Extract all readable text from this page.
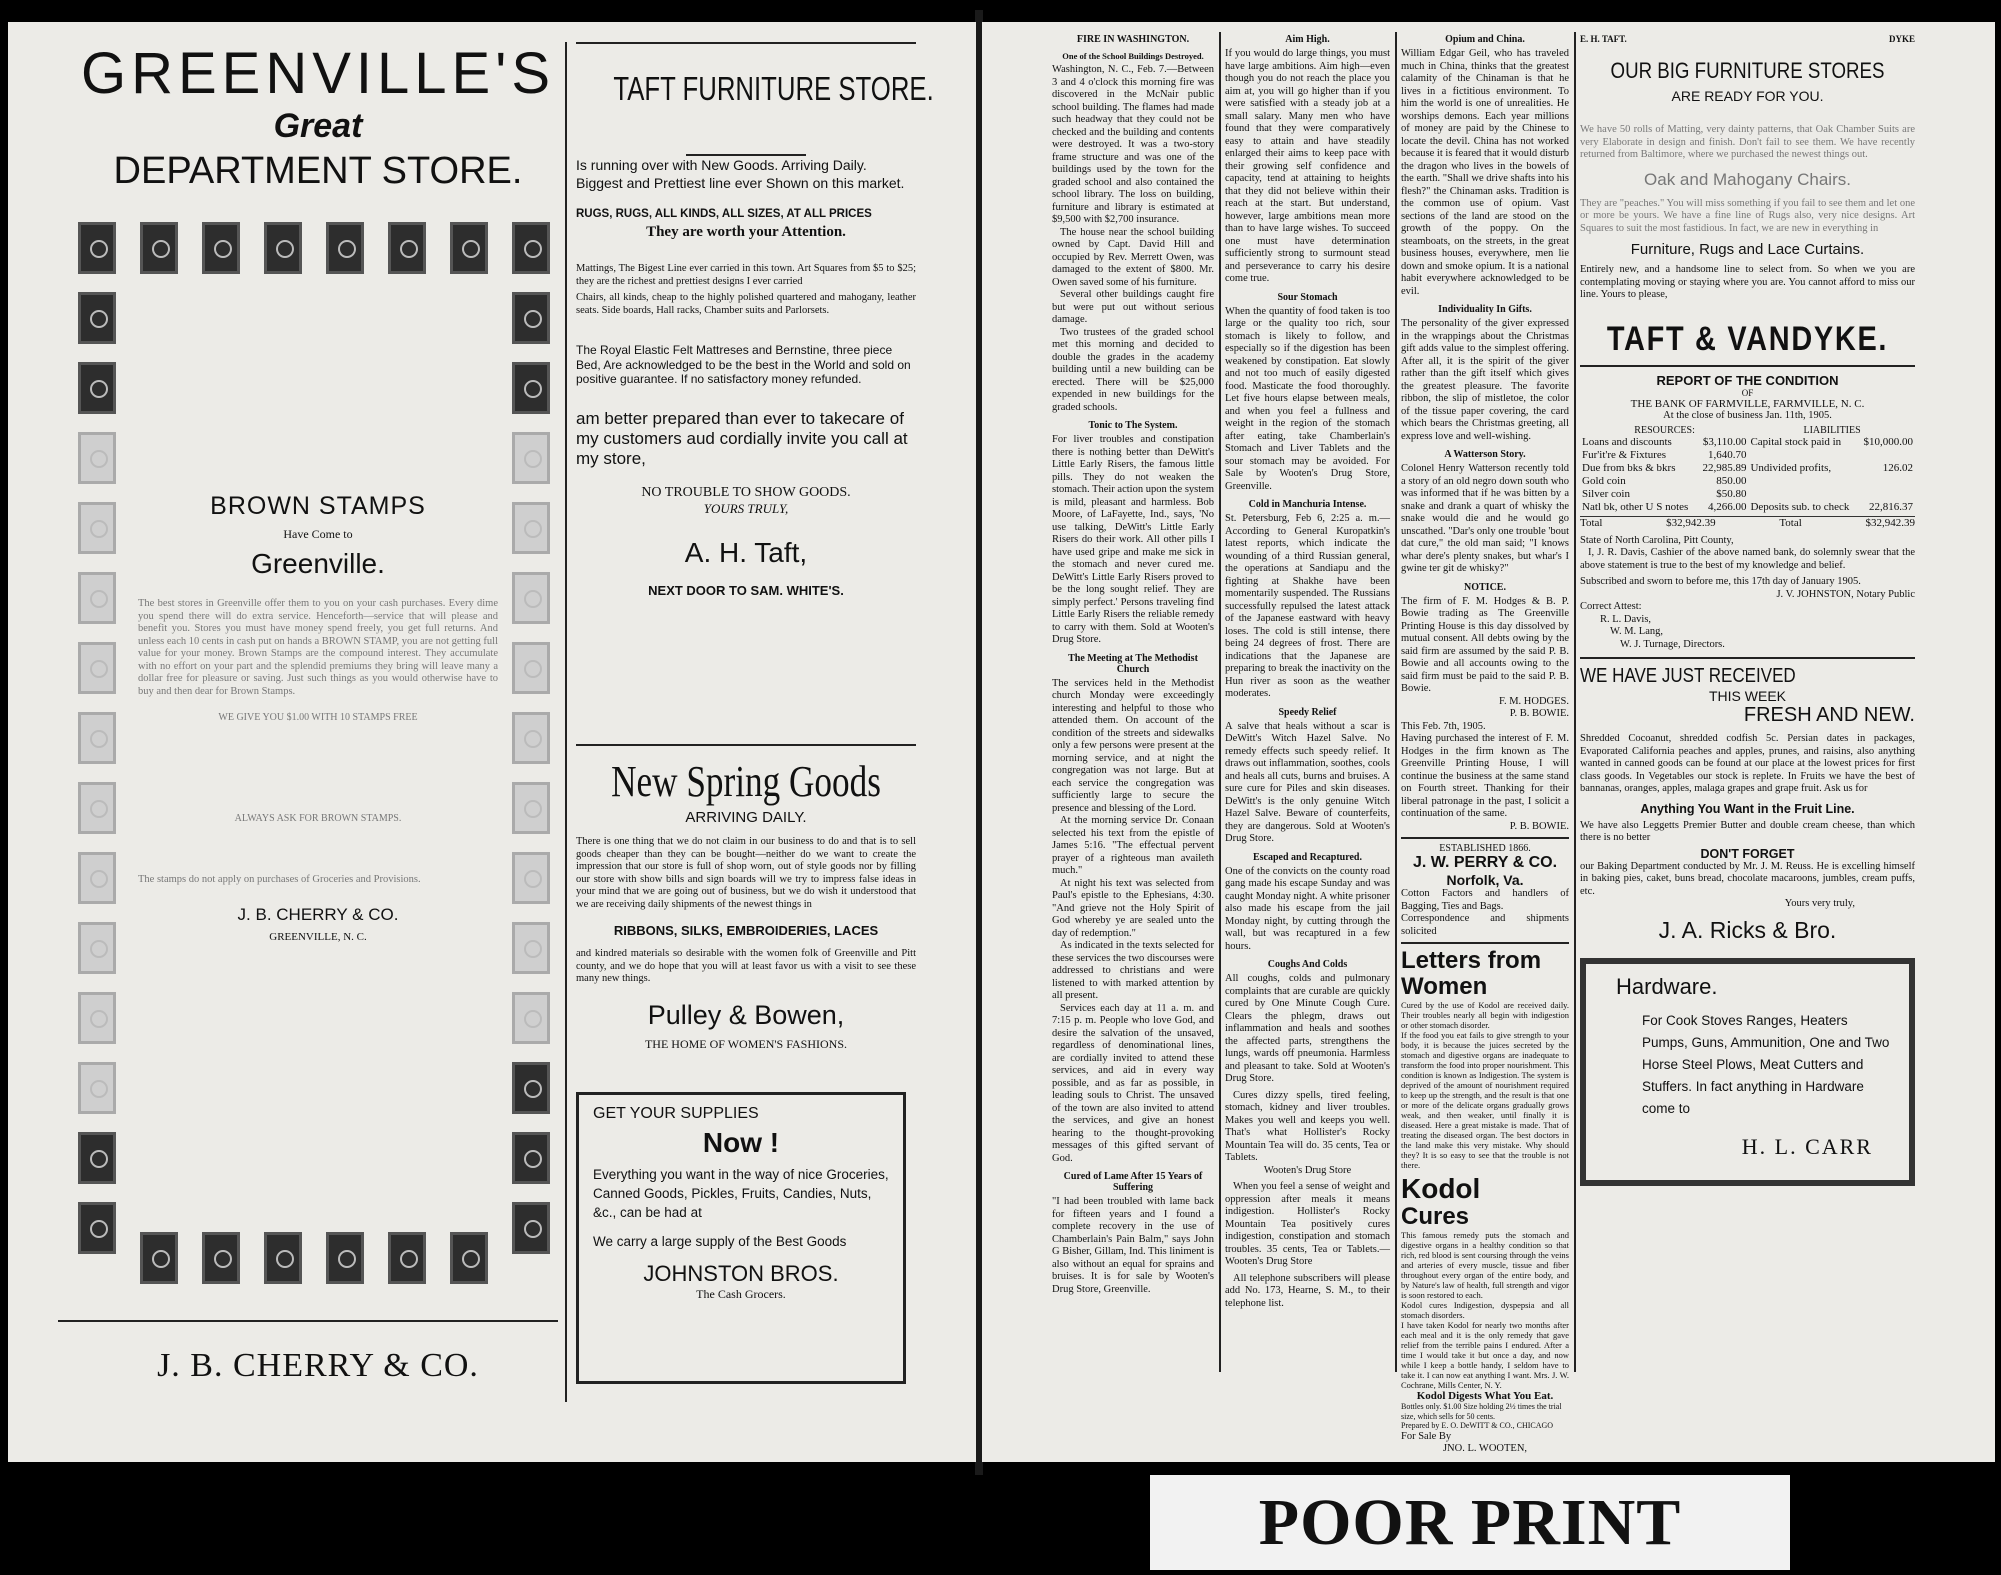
GREENVILLE'S
Great
DEPARTMENT STORE.
BROWN STAMPS
Have Come to
Greenville.
The best stores in Greenville offer them to you on your cash purchases. Every dime you spend there will do extra service. Henceforth—service that will please and benefit you. Stores you must have money spend freely, you get full returns. And unless each 10 cents in cash put on hands a BROWN STAMP, you are not getting full value for your money. Brown Stamps are the compound interest. They accumulate with no effort on your part and the splendid premiums they bring will leave many a dollar free for pleasure or saving. Just such things as you would otherwise have to buy and then dear for Brown Stamps.
WE GIVE YOU $1.00 WITH 10 STAMPS FREE
ALWAYS ASK FOR BROWN STAMPS.
The stamps do not apply on purchases of Groceries and Provisions.
J. B. CHERRY & CO.
GREENVILLE, N. C.
J. B. CHERRY & CO.
TAFT FURNITURE STORE.
Is running over with New Goods. Arriving Daily. Biggest and Prettiest line ever Shown on this market.
RUGS, RUGS, ALL KINDS, ALL SIZES, AT ALL PRICES
They are worth your Attention.
Mattings, The Bigest Line ever carried in this town. Art Squares from $5 to $25; they are the richest and prettiest designs I ever carried
Chairs, all kinds, cheap to the highly polished quartered and mahogany, leather seats. Side boards, Hall racks, Chamber suits and Parlorsets.
The Royal Elastic Felt Mattreses and Bernstine, three piece Bed, Are acknowledged to be the best in the World and sold on positive guarantee. If no satisfactory money refunded.
am better prepared than ever to takecare of my customers aud cordially invite you call at my store,
NO TROUBLE TO SHOW GOODS.
YOURS TRULY,
A. H. Taft,
NEXT DOOR TO SAM. WHITE'S.
New Spring Goods
ARRIVING DAILY.
There is one thing that we do not claim in our business to do and that is to sell goods cheaper than they can be bought—neither do we want to create the impression that our store is full of shop worn, out of style goods nor by filling our store with show bills and sign boards will we try to impress false ideas in your mind that we are going out of business, but we do wish it understood that we are receiving daily shipments of the newest things in
RIBBONS, SILKS, EMBROIDERIES, LACES
and kindred materials so desirable with the women folk of Greenville and Pitt county, and we do hope that you will at least favor us with a visit to see these many new things.
Pulley & Bowen,
THE HOME OF WOMEN'S FASHIONS.
GET YOUR SUPPLIES
Now !
Everything you want in the way of nice Groceries, Canned Goods, Pickles, Fruits, Candies, Nuts, &c., can be had at
We carry a large supply of the Best Goods
JOHNSTON BROS.
The Cash Grocers.
FIRE IN WASHINGTON.
One of the School Buildings Destroyed.
Washington, N. C., Feb. 7.—Between 3 and 4 o'clock this morning fire was discovered in the McNair public school building. The flames had made such headway that they could not be checked and the building and contents were destroyed. It was a two-story frame structure and was one of the buildings used by the town for the graded school and also contained the school library. The loss on building, furniture and library is estimated at $9,500 with $2,700 insurance.
The house near the school building owned by Capt. David Hill and occupied by Rev. Merrett Owen, was damaged to the extent of $800. Mr. Owen saved some of his furniture.
Several other buildings caught fire but were put out without serious damage.
Two trustees of the graded school met this morning and decided to double the grades in the academy building until a new building can be erected. There will be $25,000 expended in new buildings for the graded schools.
Tonic to The System.
For liver troubles and constipation there is nothing better than DeWitt's Little Early Risers, the famous little pills. They do not weaken the stomach. Their action upon the system is mild, pleasant and harmless. Bob Moore, of LaFayette, Ind., says, 'No use talking, DeWitt's Little Early Risers do their work. All other pills I have used gripe and make me sick in the stomach and never cured me. DeWitt's Little Early Risers proved to be the long sought relief. They are simply perfect.' Persons traveling find Little Early Risers the reliable remedy to carry with them. Sold at Wooten's Drug Store.
The Meeting at The Methodist Church
The services held in the Methodist church Monday were exceedingly interesting and helpful to those who attended them. On account of the condition of the streets and sidewalks only a few persons were present at the morning service, and at night the congregation was not large. But at each service the congregation was sufficiently large to secure the presence and blessing of the Lord.
At the morning service Dr. Conaan selected his text from the epistle of James 5:16. "The effectual pervent prayer of a righteous man availeth much."
At night his text was selected from Paul's epistle to the Ephesians, 4:30. "And grieve not the Holy Spirit of God whereby ye are sealed unto the day of redemption."
As indicated in the texts selected for these services the two discourses were addressed to christians and were listened to with marked attention by all present.
Services each day at 11 a. m. and 7:15 p. m. People who love God, and desire the salvation of the unsaved, regardless of denominational lines, are cordially invited to attend these services, and aid in every way possible, and as far as possible, in leading souls to Christ. The unsaved of the town are also invited to attend the services, and give an honest hearing to the thought-provoking messages of this gifted servant of God.
Cured of Lame After 15 Years of Suffering
"I had been troubled with lame back for fifteen years and I found a complete recovery in the use of Chamberlain's Pain Balm," says John G Bisher, Gillam, Ind. This liniment is also without an equal for sprains and bruises. It is for sale by Wooten's Drug Store, Greenville.
Aim High.
If you would do large things, you must have large ambitions. Aim high—even though you do not reach the place you aim at, you will go higher than if you were satisfied with a steady job at a small salary. Many men who have found that they were comparatively easy to attain and have steadily enlarged their aims to keep pace with their growing self confidence and capacity, tend at attaining to heights that they did not believe within their reach at the start. But understand, however, large ambitions mean more than to have large wishes. To succeed one must have determination sufficiently strong to surmount stead and perseverance to carry his desire come true.
Sour Stomach
When the quantity of food taken is too large or the quality too rich, sour stomach is likely to follow, and especially so if the digestion has been weakened by constipation. Eat slowly and not too much of easily digested food. Masticate the food thoroughly. Let five hours elapse between meals, and when you feel a fullness and weight in the region of the stomach after eating, take Chamberlain's Stomach and Liver Tablets and the sour stomach may be avoided. For Sale by Wooten's Drug Store, Greenville.
Cold in Manchuria Intense.
St. Petersburg, Feb 6, 2:25 a. m.—According to General Kuropatkin's latest reports, which indicate the wounding of a third Russian general, the operations at Sandiapu and the fighting at Shakhe have been momentarily suspended. The Russians successfully repulsed the latest attack of the Japanese eastward with heavy loses. The cold is still intense, there being 24 degrees of frost. There are indications that the Japanese are preparing to break the inactivity on the Hun river as soon as the weather moderates.
Speedy Relief
A salve that heals without a scar is DeWitt's Witch Hazel Salve. No remedy effects such speedy relief. It draws out inflammation, soothes, cools and heals all cuts, burns and bruises. A sure cure for Piles and skin diseases. DeWitt's is the only genuine Witch Hazel Salve. Beware of counterfeits, they are dangerous. Sold at Wooten's Drug Store.
Escaped and Recaptured.
One of the convicts on the county road gang made his escape Sunday and was caught Monday night. A white prisoner also made his escape from the jail Monday night, by cutting through the wall, but was recaptured in a few hours.
Coughs And Colds
All coughs, colds and pulmonary complaints that are curable are quickly cured by One Minute Cough Cure. Clears the phlegm, draws out inflammation and heals and soothes the affected parts, strengthens the lungs, wards off pneumonia. Harmless and pleasant to take. Sold at Wooten's Drug Store.
Cures dizzy spells, tired feeling, stomach, kidney and liver troubles. Makes you well and keeps you well. That's what Hollister's Rocky Mountain Tea will do. 35 cents, Tea or Tablets.
Wooten's Drug Store
When you feel a sense of weight and oppression after meals it means indigestion. Hollister's Rocky Mountain Tea positively cures indigestion, constipation and stomach troubles. 35 cents, Tea or Tablets.—Wooten's Drug Store
All telephone subscribers will please add No. 173, Hearne, S. M., to their telephone list.
Opium and China.
William Edgar Geil, who has traveled much in China, thinks that the greatest calamity of the Chinaman is that he lives in a fictitious environment. To him the world is one of unrealities. He worships demons. Each year millions of money are paid by the Chinese to locate the devil. China has not worked because it is feared that it would disturb the dragon who lives in the bowels of the earth. "Shall we drive shafts into his flesh?" the Chinaman asks. Tradition is the common use of opium. Vast sections of the land are stood on the growth of the poppy. On the steamboats, on the streets, in the great business houses, everywhere, men lie down and smoke opium. It is a national habit everywhere acknowledged to be evil.
Individuality In Gifts.
The personality of the giver expressed in the wrappings about the Christmas gift adds value to the simplest offering. After all, it is the spirit of the giver rather than the gift itself which gives the greatest pleasure. The favorite ribbon, the slip of mistletoe, the color of the tissue paper covering, the card which bears the Christmas greeting, all express love and well-wishing.
A Watterson Story.
Colonel Henry Watterson recently told a story of an old negro down south who was informed that if he was bitten by a snake and drank a quart of whisky the snake would die and he would go unscathed. "Dar's only one trouble 'bout dat cure," the old man said; "I knows whar dere's plenty snakes, but whar's I gwine ter git de whisky?"
NOTICE.
The firm of F. M. Hodges & B. P. Bowie trading as The Greenville Printing House is this day dissolved by mutual consent. All debts owing by the said firm are assumed by the said P. B. Bowie and all accounts owing to the said firm must be paid to the said P. B. Bowie.
F. M. HODGES.
P. B. BOWIE.
This Feb. 7th, 1905.
Having purchased the interest of F. M. Hodges in the firm known as The Greenville Printing House, I will continue the business at the same stand on Fourth street. Thanking for their liberal patronage in the past, I solicit a continuation of the same.
P. B. BOWIE.
ESTABLISHED 1866.
J. W. PERRY & CO.
Norfolk, Va.
Cotton Factors and handlers of Bagging, Ties and Bags.
Correspondence and shipments solicited
Letters from Women
Cured by the use of Kodol are received daily. Their troubles nearly all begin with indigestion or other stomach disorder.
If the food you eat fails to give strength to your body, it is because the juices secreted by the stomach and digestive organs are inadequate to transform the food into proper nourishment. This condition is known as Indigestion. The system is deprived of the amount of nourishment required to keep up the strength, and the result is that one or more of the delicate organs gradually grows weak, and then weaker, until finally it is diseased. Here a great mistake is made. That of treating the diseased organ. The best doctors in the land make this very mistake. Why should they? It is so easy to see that the trouble is not there.
Kodol
Cures
This famous remedy puts the stomach and digestive organs in a healthy condition so that rich, red blood is sent coursing through the veins and arteries of every muscle, tissue and fiber throughout every organ of the entire body, and by Nature's law of health, full strength and vigor is soon restored to each.
Kodol cures Indigestion, dyspepsia and all stomach disorders.
I have taken Kodol for nearly two months after each meal and it is the only remedy that gave relief from the terrible pains I endured. After a time I would take it but once a day, and now while I keep a bottle handy, I seldom have to take it. I can now eat anything I want. Mrs. J. W. Cochrane, Mills Center, N. Y.
Kodol Digests What You Eat.
Bottles only. $1.00 Size holding 2½ times the trial size, which sells for 50 cents.
Prepared by E. O. DeWITT & CO., CHICAGO
For Sale By
JNO. L. WOOTEN,
E. H. TAFT.	DYKE
OUR BIG FURNITURE STORES
ARE READY FOR YOU.
We have 50 rolls of Matting, very dainty patterns, that Oak Chamber Suits are very Elaborate in design and finish. Don't fail to see them. We have recently returned from Baltimore, where we purchased the newest things out.
Oak and Mahogany Chairs.
They are "peaches." You will miss something if you fail to see them and let one or more be yours. We have a fine line of Rugs also, very nice designs. Art Squares to suit the most fastidious. In fact, we are new in everything in
Furniture, Rugs and Lace Curtains.
Entirely new, and a handsome line to select from. So when we you are contemplating moving or staying where you are. You cannot afford to miss our line. Yours to please,
TAFT & VANDYKE.
REPORT OF THE CONDITION
OF
THE BANK OF FARMVILLE, FARMVILLE, N. C.
At the close of business Jan. 11th, 1905.
RESOURCES:	LIABILITIES
Loans and discounts	$3,110.00	Capital stock paid in	$10,000.00
Fur'it're & Fixtures	1,640.70		
Due from bks & bkrs	22,985.89	Undivided profits,	126.02
Gold coin	850.00		
Silver coin	$50.80		
Natl bk, other U S notes	4,266.00	Deposits sub. to check	22,816.37
Total	$32,942.39	Total	$32,942.39
State of North Carolina, Pitt County,
I, J. R. Davis, Cashier of the above named bank, do solemnly swear that the above statement is true to the best of my knowledge and belief.
Subscribed and sworn to before me, this 17th day of January 1905.
J. V. JOHNSTON, Notary Public
Correct Attest:
R. L. Davis,
W. M. Lang,
W. J. Turnage, Directors.
WE HAVE JUST RECEIVED
THIS WEEK
FRESH AND NEW.
Shredded Cocoanut, shredded codfish 5c. Persian dates in packages, Evaporated California peaches and apples, prunes, and raisins, also anything wanted in canned goods can be found at our place at the lowest prices for first class goods. In Vegetables our stock is replete. In Fruits we have the best of bannanas, oranges, apples, malaga grapes and grape fruit. Ask us for
Anything You Want in the Fruit Line.
We have also Leggetts Premier Butter and double cream cheese, than which there is no better
DON'T FORGET
our Baking Department conducted by Mr. J. M. Reuss. He is excelling himself in baking pies, caket, buns bread, chocolate macaroons, jumbles, cream puffs, etc.
Yours very truly,
J. A. Ricks & Bro.
Hardware.
For Cook Stoves Ranges, Heaters Pumps, Guns, Ammunition, One and Two Horse Steel Plows, Meat Cutters and Stuffers. In fact anything in Hardware come to
H. L. CARR
POOR PRINT
